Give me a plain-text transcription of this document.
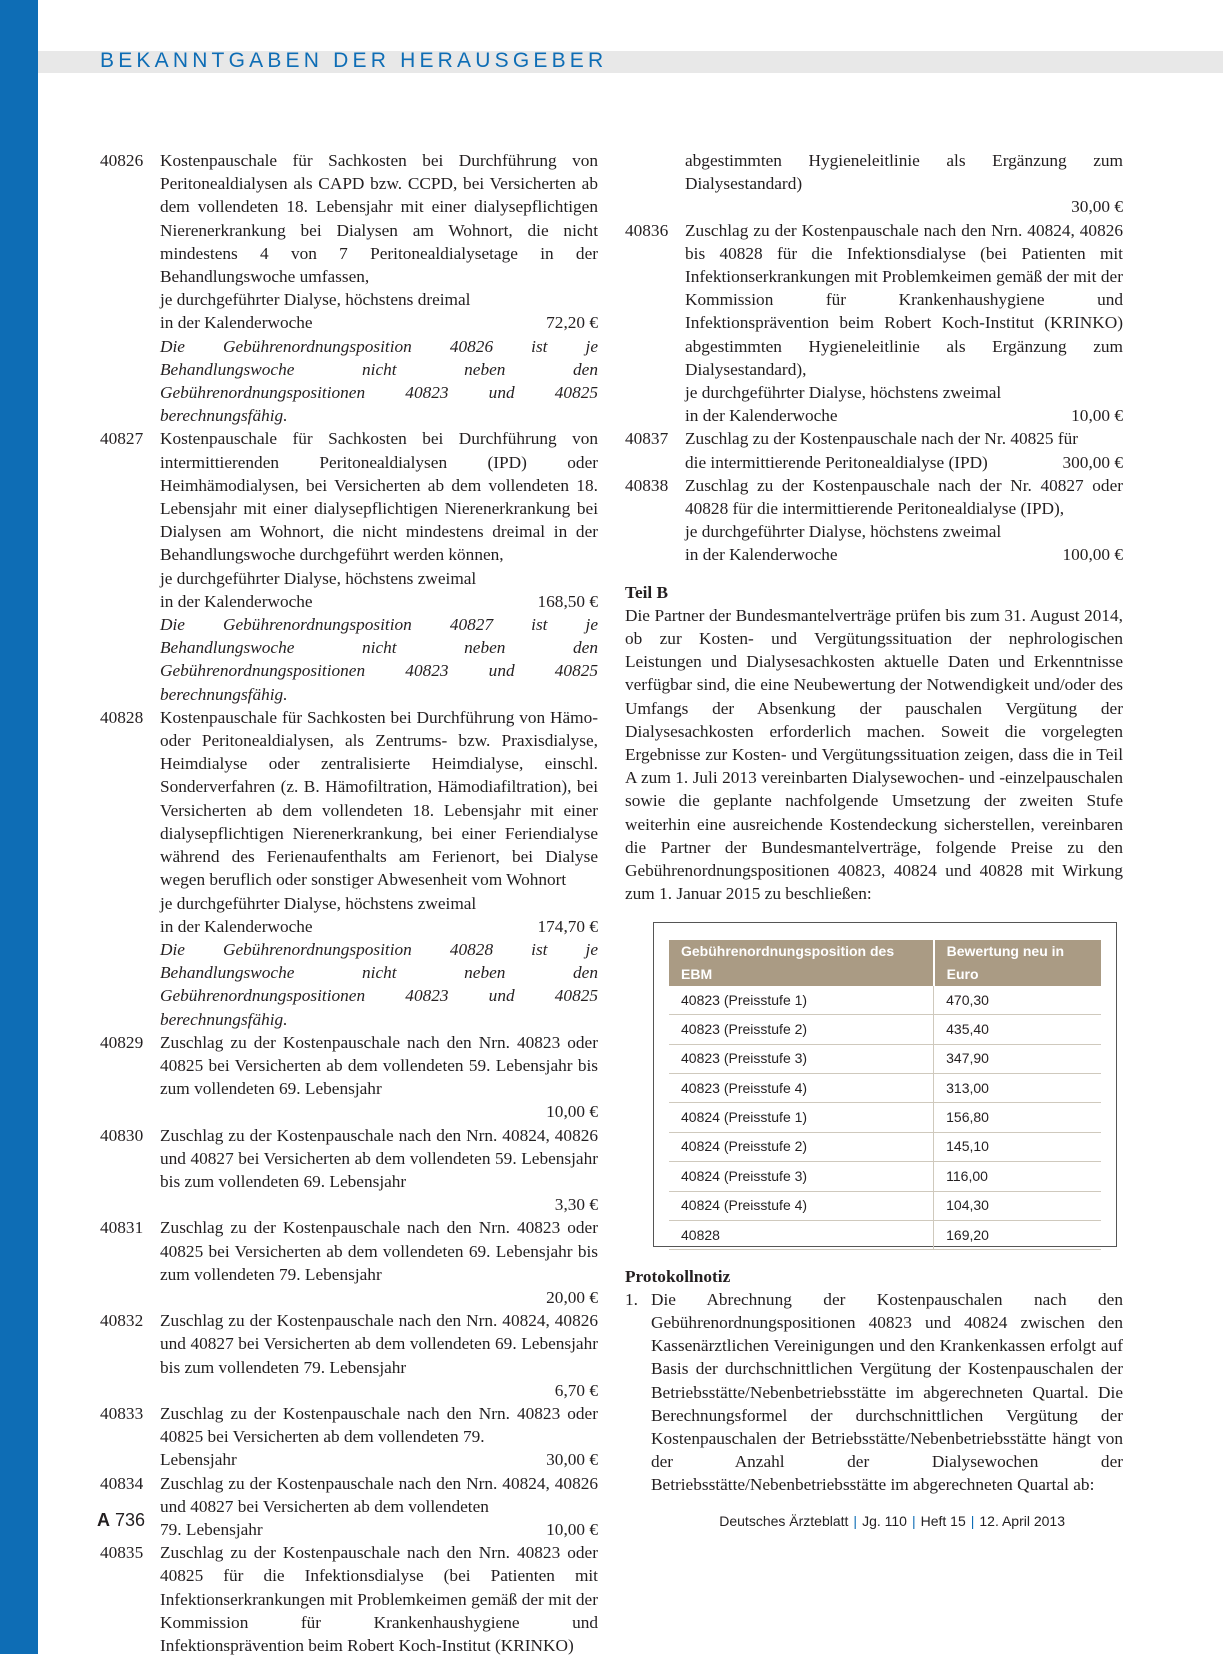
BEKANNTGABEN DER HERAUSGEBER
40826 Kostenpauschale für Sachkosten bei Durchführung von Peritonealdialysen als CAPD bzw. CCPD, bei Versicherten ab dem vollendeten 18. Lebensjahr mit einer dialysepflichtigen Nierenerkrankung bei Dialysen am Wohnort, die nicht mindestens 4 von 7 Peritonealdialysetage in der Behandlungswoche umfassen,
je durchgeführter Dialyse, höchstens dreimal
in der Kalenderwoche	72,20 €
Die Gebührenordnungsposition 40826 ist je Behandlungswoche nicht neben den Gebührenordnungspositionen 40823 und 40825 berechnungsfähig.
40827 Kostenpauschale für Sachkosten bei Durchführung von intermittierenden Peritonealdialysen (IPD) oder Heimhämodialysen, bei Versicherten ab dem vollendeten 18. Lebensjahr mit einer dialysepflichtigen Nierenerkrankung bei Dialysen am Wohnort, die nicht mindestens dreimal in der Behandlungswoche durchgeführt werden können,
je durchgeführter Dialyse, höchstens zweimal
in der Kalenderwoche	168,50 €
Die Gebührenordnungsposition 40827 ist je Behandlungswoche nicht neben den Gebührenordnungspositionen 40823 und 40825 berechnungsfähig.
40828 Kostenpauschale für Sachkosten bei Durchführung von Hämo- oder Peritonealdialysen, als Zentrums- bzw. Praxisdialyse, Heimdialyse oder zentralisierte Heimdialyse, einschl. Sonderverfahren (z. B. Hämofiltration, Hämodiafiltration), bei Versicherten ab dem vollendeten 18. Lebensjahr mit einer dialysepflichtigen Nierenerkrankung, bei einer Feriendialyse während des Ferienaufenthalts am Ferienort, bei Dialyse wegen beruflich oder sonstiger Abwesenheit vom Wohnort
je durchgeführter Dialyse, höchstens zweimal
in der Kalenderwoche	174,70 €
Die Gebührenordnungsposition 40828 ist je Behandlungswoche nicht neben den Gebührenordnungspositionen 40823 und 40825 berechnungsfähig.
40829 Zuschlag zu der Kostenpauschale nach den Nrn. 40823 oder 40825 bei Versicherten ab dem vollendeten 59. Lebensjahr bis zum vollendeten 69. Lebensjahr
10,00 €
40830 Zuschlag zu der Kostenpauschale nach den Nrn. 40824, 40826 und 40827 bei Versicherten ab dem vollendeten 59. Lebensjahr bis zum vollendeten 69. Lebensjahr
3,30 €
40831 Zuschlag zu der Kostenpauschale nach den Nrn. 40823 oder 40825 bei Versicherten ab dem vollendeten 69. Lebensjahr bis zum vollendeten 79. Lebensjahr
20,00 €
40832 Zuschlag zu der Kostenpauschale nach den Nrn. 40824, 40826 und 40827 bei Versicherten ab dem vollendeten 69. Lebensjahr bis zum vollendeten 79. Lebensjahr
6,70 €
40833 Zuschlag zu der Kostenpauschale nach den Nrn. 40823 oder 40825 bei Versicherten ab dem vollendeten 79.
Lebensjahr	30,00 €
40834 Zuschlag zu der Kostenpauschale nach den Nrn. 40824, 40826 und 40827 bei Versicherten ab dem vollendeten
79. Lebensjahr	10,00 €
40835 Zuschlag zu der Kostenpauschale nach den Nrn. 40823 oder 40825 für die Infektionsdialyse (bei Patienten mit Infektionserkrankungen mit Problemkeimen gemäß der mit der Kommission für Krankenhaushygiene und Infektionsprävention beim Robert Koch-Institut (KRINKO)
abgestimmten Hygieneleitlinie als Ergänzung zum Dialysestandard)
30,00 €
40836 Zuschlag zu der Kostenpauschale nach den Nrn. 40824, 40826 bis 40828 für die Infektionsdialyse (bei Patienten mit Infektionserkrankungen mit Problemkeimen gemäß der mit der Kommission für Krankenhaushygiene und Infektionsprävention beim Robert Koch-Institut (KRINKO) abgestimmten Hygieneleitlinie als Ergänzung zum Dialysestandard),
je durchgeführter Dialyse, höchstens zweimal
in der Kalenderwoche	10,00 €
40837 Zuschlag zu der Kostenpauschale nach der Nr. 40825 für
die intermittierende Peritonealdialyse (IPD)	300,00 €
40838 Zuschlag zu der Kostenpauschale nach der Nr. 40827 oder 40828 für die intermittierende Peritonealdialyse (IPD),
je durchgeführter Dialyse, höchstens zweimal
in der Kalenderwoche	100,00 €
Teil B
Die Partner der Bundesmantelverträge prüfen bis zum 31. August 2014, ob zur Kosten- und Vergütungssituation der nephrologischen Leistungen und Dialysesachkosten aktuelle Daten und Erkenntnisse verfügbar sind, die eine Neubewertung der Notwendigkeit und/oder des Umfangs der Absenkung der pauschalen Vergütung der Dialysesachkosten erforderlich machen. Soweit die vorgelegten Ergebnisse zur Kosten- und Vergütungssituation zeigen, dass die in Teil A zum 1. Juli 2013 vereinbarten Dialysewochen- und -einzelpauschalen sowie die geplante nachfolgende Umsetzung der zweiten Stufe weiterhin eine ausreichende Kostendeckung sicherstellen, vereinbaren die Partner der Bundesmantelverträge, folgende Preise zu den Gebührenordnungspositionen 40823, 40824 und 40828 mit Wirkung zum 1. Januar 2015 zu beschließen:
Gebührenordnungsposition des EBM	Bewertung neu in Euro
40823 (Preisstufe 1)	470,30
40823 (Preisstufe 2)	435,40
40823 (Preisstufe 3)	347,90
40823 (Preisstufe 4)	313,00
40824 (Preisstufe 1)	156,80
40824 (Preisstufe 2)	145,10
40824 (Preisstufe 3)	116,00
40824 (Preisstufe 4)	104,30
40828	169,20
Protokollnotiz
1. Die Abrechnung der Kostenpauschalen nach den Gebührenordnungspositionen 40823 und 40824 zwischen den Kassenärztlichen Vereinigungen und den Krankenkassen erfolgt auf Basis der durchschnittlichen Vergütung der Kostenpauschalen der Betriebsstätte/Nebenbetriebsstätte im abgerechneten Quartal. Die Berechnungsformel der durchschnittlichen Vergütung der Kostenpauschalen der Betriebsstätte/Nebenbetriebsstätte hängt von der Anzahl der Dialysewochen der Betriebsstätte/Nebenbetriebsstätte im abgerechneten Quartal ab:
A 736	Deutsches Ärzteblatt | Jg. 110 | Heft 15 | 12. April 2013
